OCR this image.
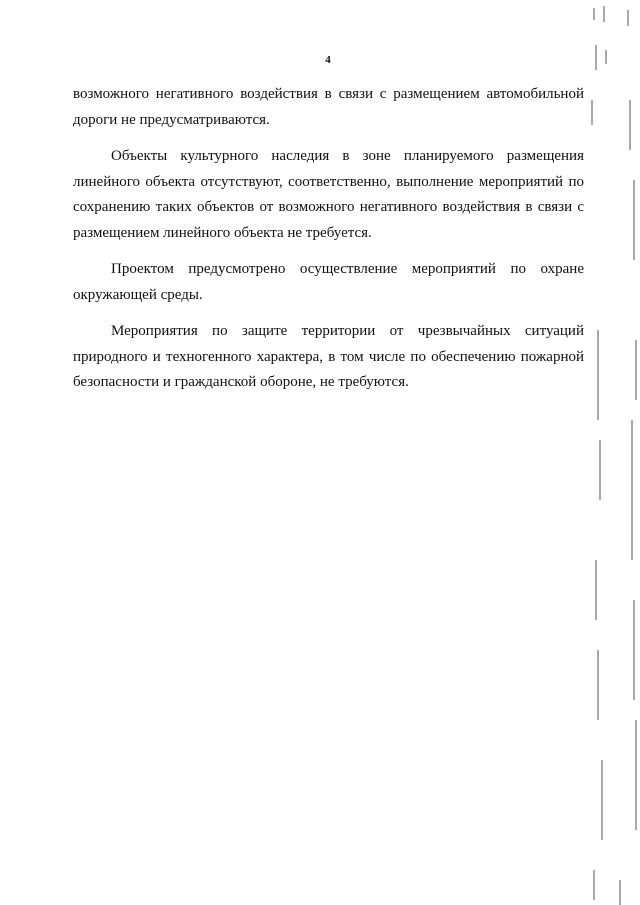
4

возможного негативного воздействия в связи с размещением автомобильной дороги не предусматриваются.

Объекты культурного наследия в зоне планируемого размещения линейного объекта отсутствуют, соответственно, выполнение мероприятий по сохранению таких объектов от возможного негативного воздействия в связи с размещением линейного объекта не требуется.

Проектом предусмотрено осуществление мероприятий по охране окружающей среды.

Мероприятия по защите территории от чрезвычайных ситуаций природного и техногенного характера, в том числе по обеспечению пожарной безопасности и гражданской обороне, не требуются.
